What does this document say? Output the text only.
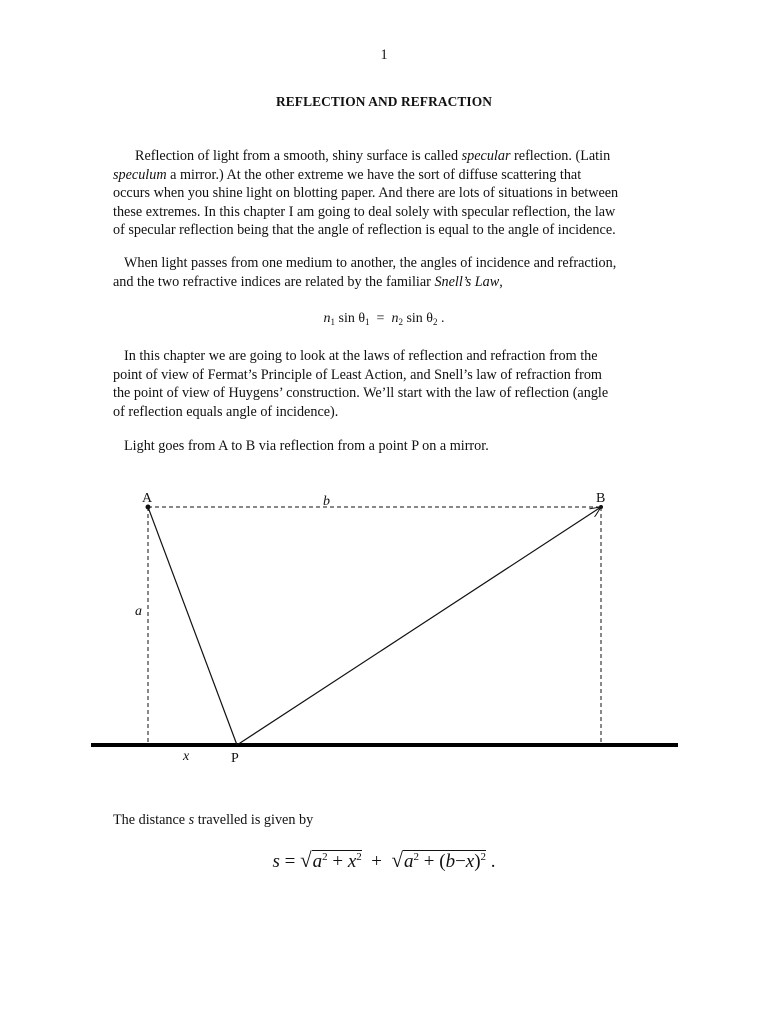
1
REFLECTION AND REFRACTION
Reflection of light from a smooth, shiny surface is called specular reflection. (Latin
speculum a mirror.) At the other extreme we have the sort of diffuse scattering that
occurs when you shine light on blotting paper. And there are lots of situations in between
these extremes. In this chapter I am going to deal solely with specular reflection, the law
of specular reflection being that the angle of reflection is equal to the angle of incidence.
When light passes from one medium to another, the angles of incidence and refraction,
and the two refractive indices are related by the familiar Snell’s Law,
$n_1$ $\sin \theta_1 = n_2$ $\sin \theta_2$ .
In this chapter we are going to look at the laws of reflection and refraction from the
point of view of Fermat’s Principle of Least Action, and Snell’s law of refraction from
the point of view of Huygens’ construction. We’ll start with the law of reflection (angle
of reflection equals angle of incidence).
Light goes from A to B via reflection from a point P on a mirror.
A	B
b
a
x	P
The distance s travelled is given by
$s = √a^2 + x^2 + √a^2 + (b-x)^2$ .
